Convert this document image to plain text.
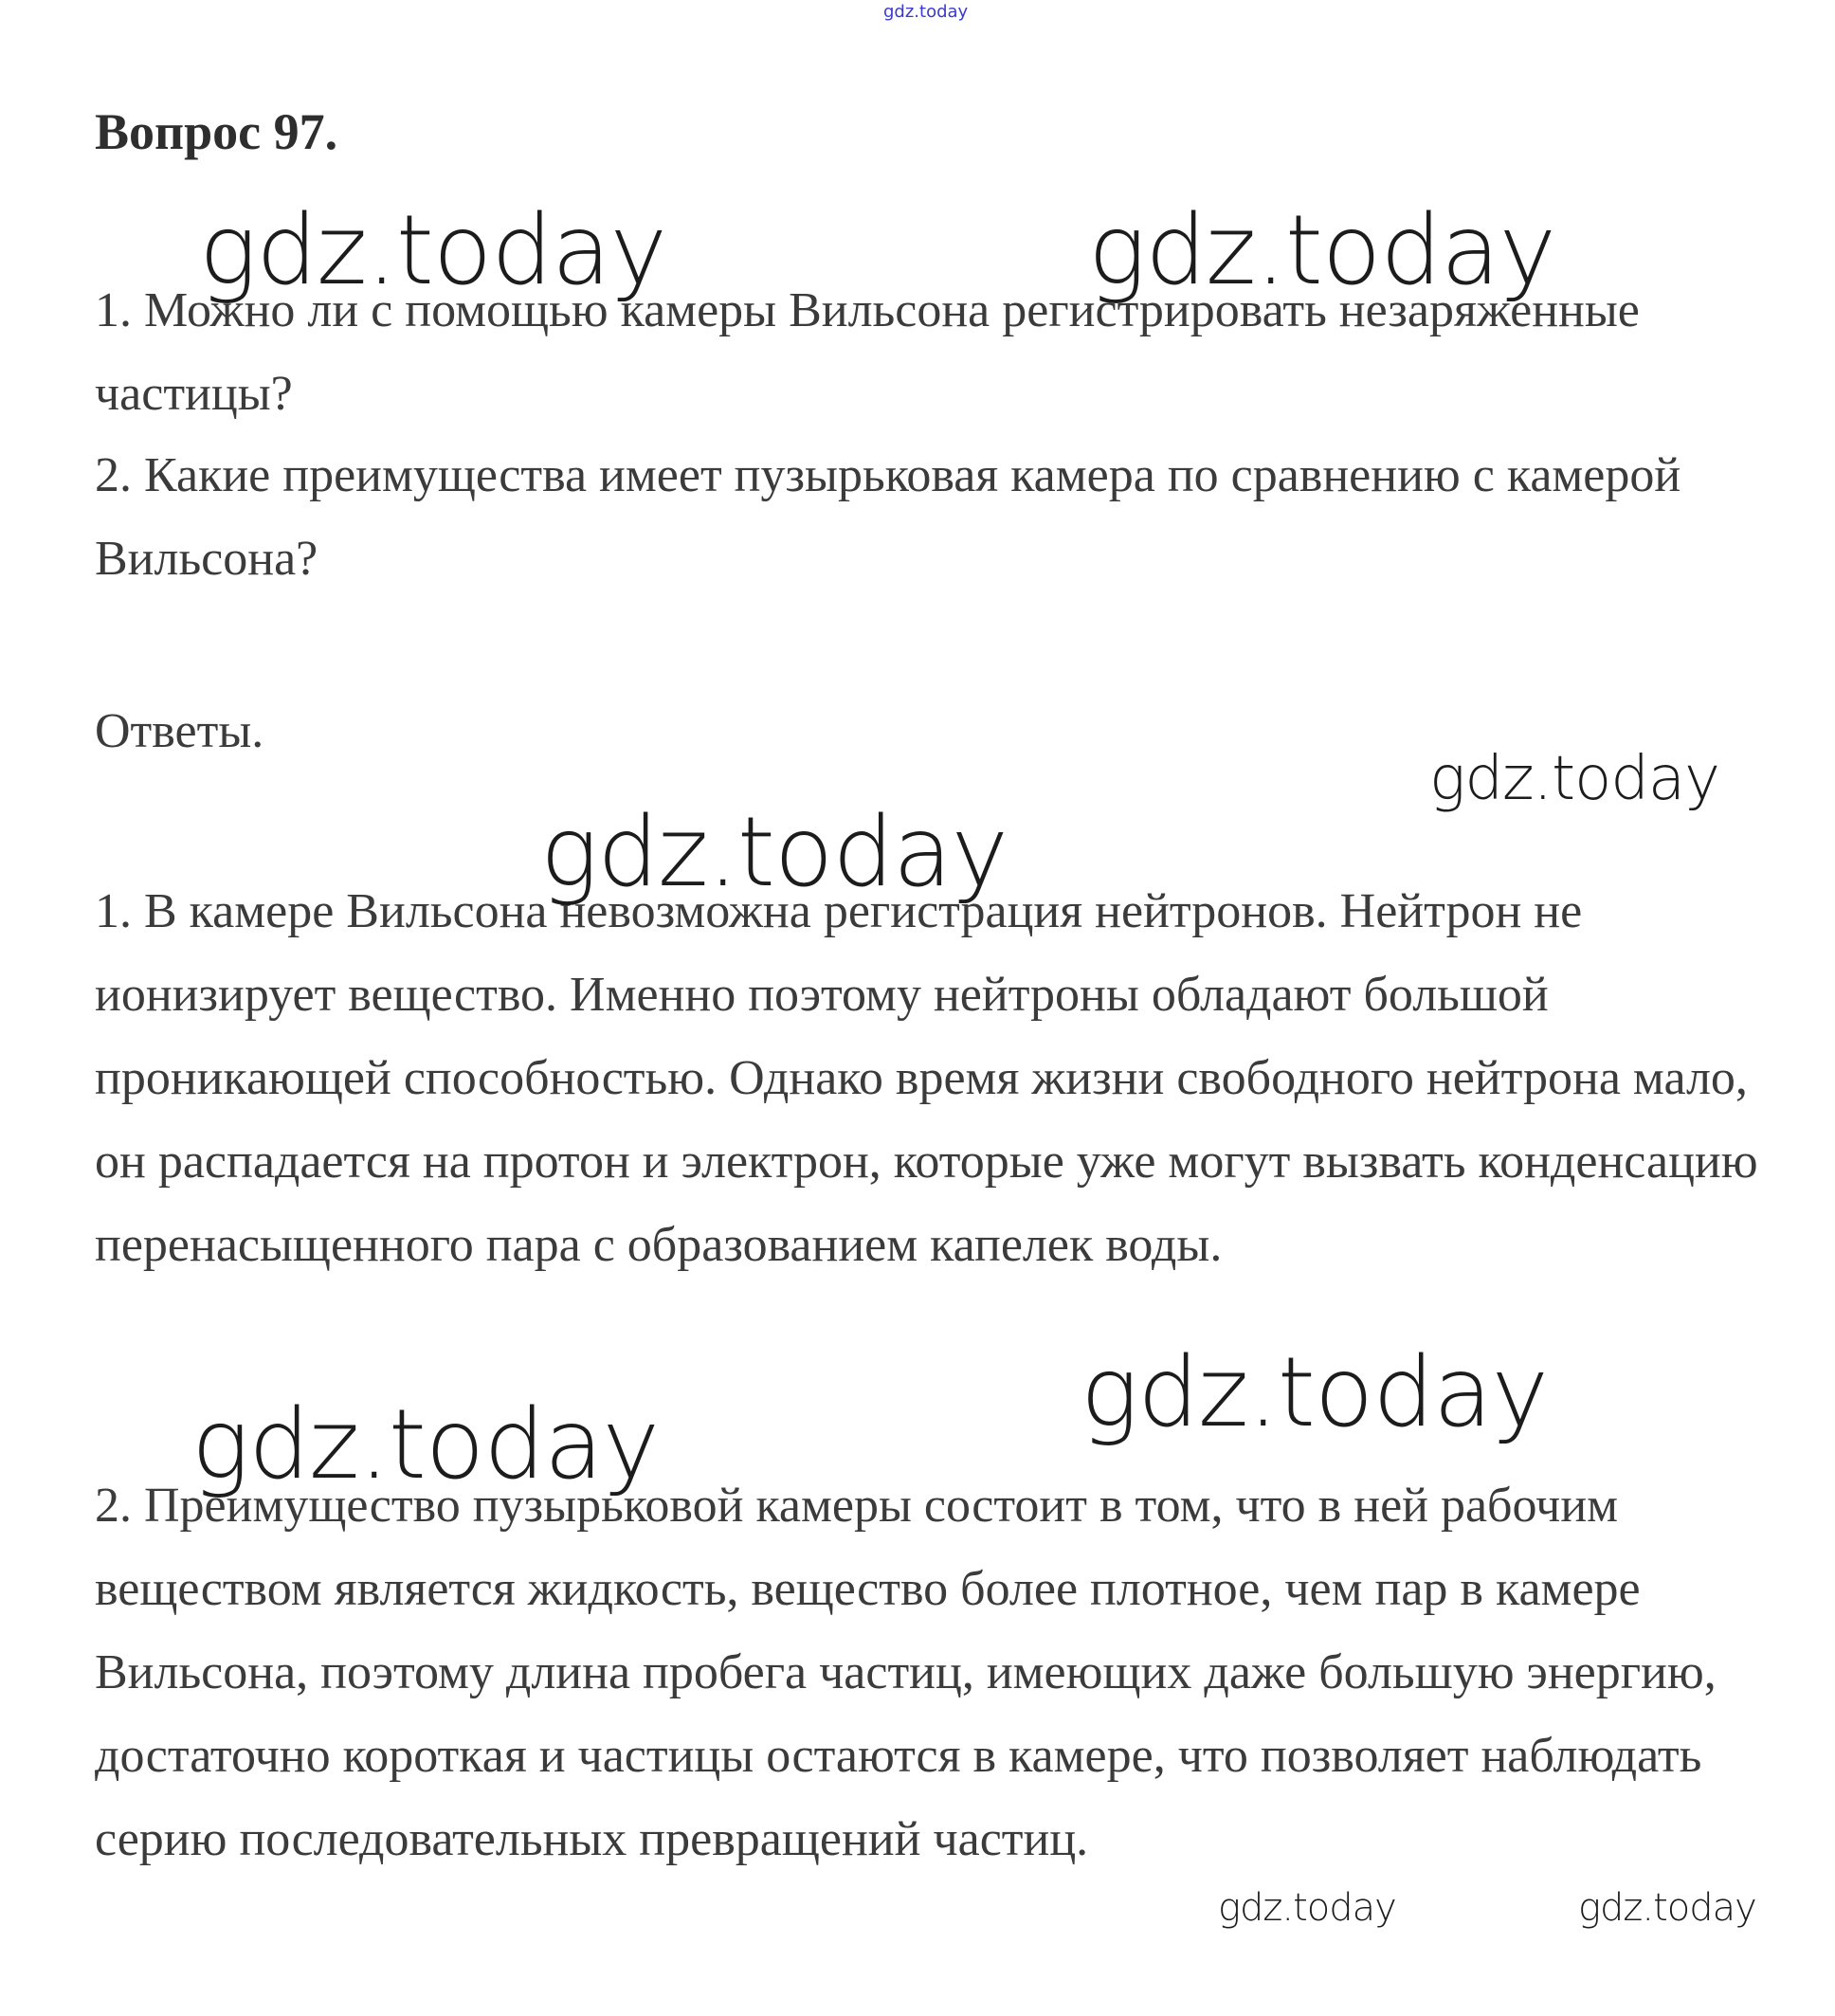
gdz.today
Вопрос 97.

1. Можно ли с помощью камеры Вильсона регистрировать незаряженные частицы?

2. Какие преимущества имеет пузырьковая камера по сравнению с камерой Вильсона?

Ответы.

1. В камере Вильсона невозможна регистрация нейтронов. Нейтрон не ионизирует вещество. Именно поэтому нейтроны обладают большой проникающей способностью. Однако время жизни свободного нейтрона мало, он распадается на протон и электрон, которые уже могут вызвать конденсацию перенасыщенного пара с образованием капелек воды.

2. Преимущество пузырьковой камеры состоит в том, что в ней рабочим веществом является жидкость, вещество более плотное, чем пар в камере Вильсона, поэтому длина пробега частиц, имеющих даже большую энергию, достаточно короткая и частицы остаются в камере, что позволяет наблюдать серию последовательных превращений частиц.

gdz.today	gdz.today
gdz.today
gdz.today
gdz.today
gdz.today
gdz.today	gdz.today
